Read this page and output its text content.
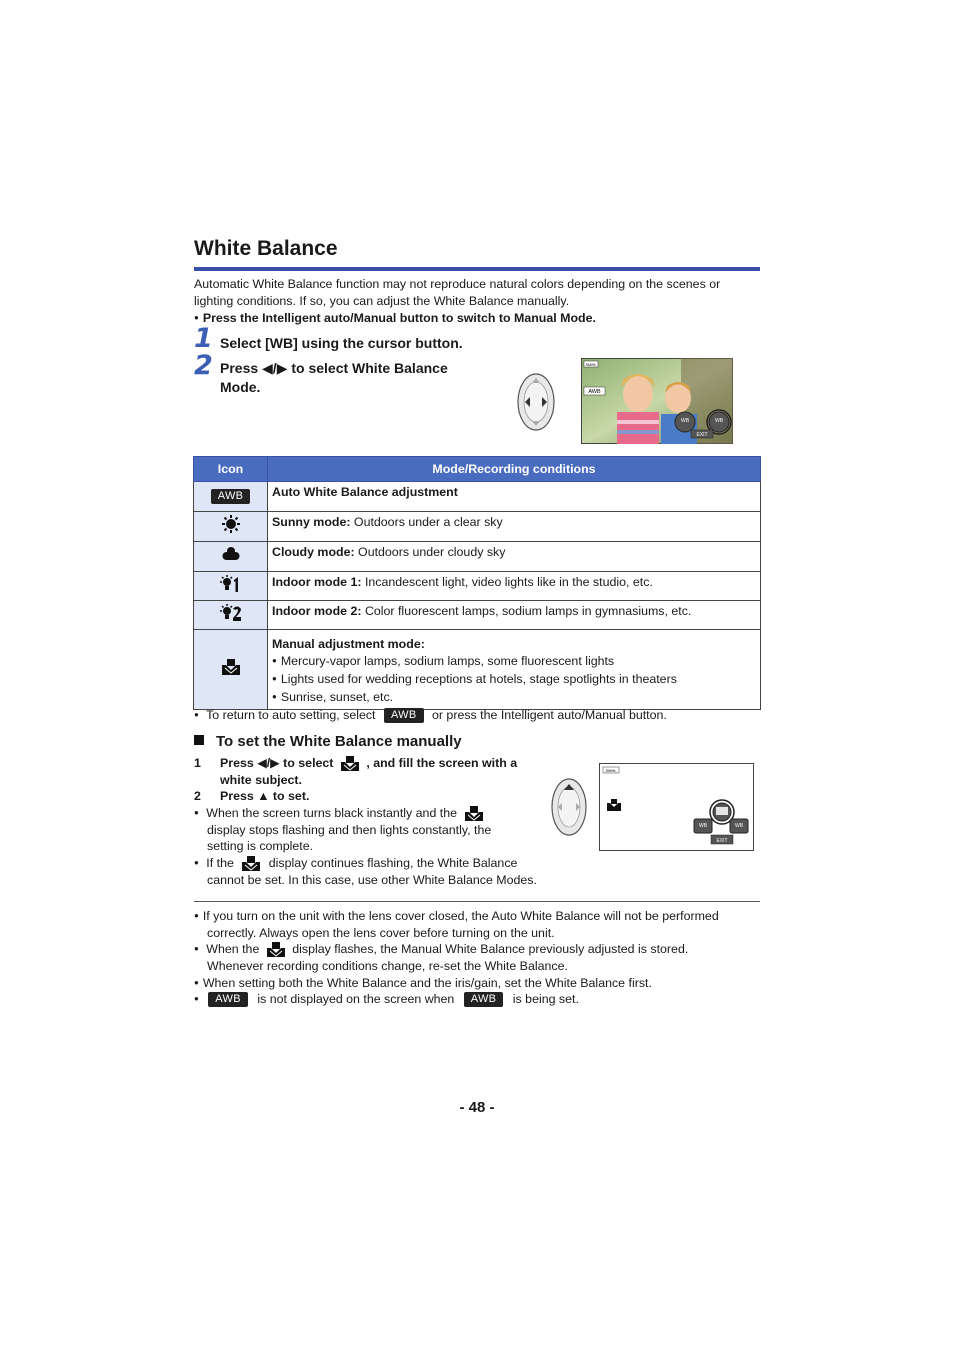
White Balance
Automatic White Balance function may not reproduce natural colors depending on the scenes or lighting conditions. If so, you can adjust the White Balance manually.
● Press the Intelligent auto/Manual button to switch to Manual Mode.
1 Select [WB] using the cursor button.
2 Press ◀/▶ to select White Balance Mode.
SMHL
AWB
WB	WB
EXIT
Icon	Mode/Recording conditions
AWB	Auto White Balance adjustment
	Sunny mode: Outdoors under a clear sky
	Cloudy mode: Outdoors under cloudy sky
	Indoor mode 1: Incandescent light, video lights like in the studio, etc.
	Indoor mode 2: Color fluorescent lamps, sodium lamps in gymnasiums, etc.

Manual adjustment mode:
● Mercury-vapor lamps, sodium lamps, some fluorescent lights
● Lights used for wedding receptions at hotels, stage spotlights in theaters
● Sunrise, sunset, etc.
● To return to auto setting, select AWB or press the Intelligent auto/Manual button.
To set the White Balance manually
1 Press ◀/▶ to select	, and fill the screen with a
white subject.
2 Press ▲ to set.
● When the screen turns black instantly and the
display stops flashing and then lights constantly, the
setting is complete.
● If the	display continues flashing, the White Balance
cannot be set. In this case, use other White Balance Modes.
SMHL
WB	WB
EXIT
● If you turn on the unit with the lens cover closed, the Auto White Balance will not be performed
correctly. Always open the lens cover before turning on the unit.
● When the	display flashes, the Manual White Balance previously adjusted is stored.
Whenever recording conditions change, re-set the White Balance.
● When setting both the White Balance and the iris/gain, set the White Balance first.
● AWB is not displayed on the screen when AWB is being set.
- 48 -
